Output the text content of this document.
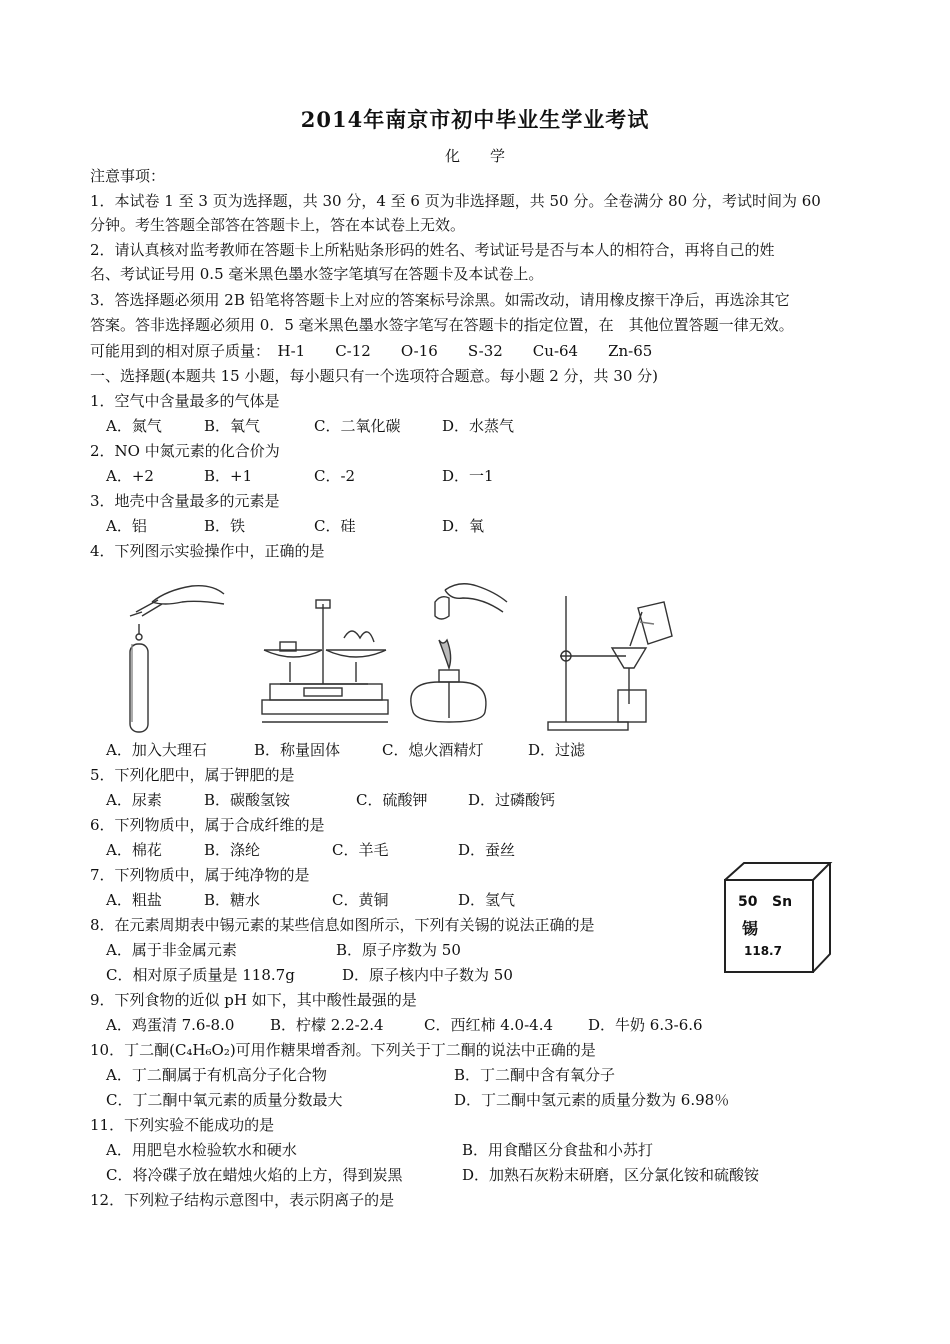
2014年南京市初中毕业生学业考试
化学
注意事项：
1．本试卷 1 至 3 页为选择题，共 30 分，4 至 6 页为非选择题，共 50 分。全卷满分 80 分，考试时间为 60
分钟。考生答题全部答在答题卡上，答在本试卷上无效。
2．请认真核对监考教师在答题卡上所粘贴条形码的姓名、考试证号是否与本人的相符合，再将自己的姓
名、考试证号用 0.5 毫米黑色墨水签字笔填写在答题卡及本试卷上。
3．答选择题必须用 2B 铅笔将答题卡上对应的答案标号涂黑。如需改动，请用橡皮擦干净后，再选涂其它
答案。答非选择题必须用 0．5 毫米黑色墨水签字笔写在答题卡的指定位置，在　其他位置答题一律无效。
可能用到的相对原子质量：　H-1　　C-12　　O-16　　S-32　　Cu-64　　Zn-65
一、选择题(本题共 15 小题，每小题只有一个选项符合题意。每小题 2 分，共 30 分)
1．空气中含量最多的气体是
A．氮气	B．氧气	C．二氧化碳	D．水蒸气
2．NO 中氮元素的化合价为
A．+2	B．+1	C．-2	D．一1
3．地壳中含量最多的元素是
A．铝	B．铁	C．硅	D．氧
4．下列图示实验操作中，正确的是
A．加入大理石	B．称量固体	C．熄火酒精灯	D．过滤
5．下列化肥中，属于钾肥的是
A．尿素	B．碳酸氢铵	C．硫酸钾	D．过磷酸钙
6．下列物质中，属于合成纤维的是
A．棉花	B．涤纶	C．羊毛	D．蚕丝
7．下列物质中，属于纯净物的是
A．粗盐	B．糖水	C．黄铜	D．氢气	50 Sn
锡
118.7
8．在元素周期表中锡元素的某些信息如图所示，下列有关锡的说法正确的是
A．属于非金属元素	B．原子序数为 50
C．相对原子质量是 118.7g	D．原子核内中子数为 50
9．下列食物的近似 pH 如下，其中酸性最强的是
A．鸡蛋清 7.6-8.0 B．柠檬 2.2-2.4	C．西红柿 4.0-4.4 D．牛奶 6.3-6.6
10．丁二酮(C₄H₆O₂)可用作糖果增香剂。下列关于丁二酮的说法中正确的是
A．丁二酮属于有机高分子化合物	B．丁二酮中含有氧分子
C．丁二酮中氧元素的质量分数最大	D．丁二酮中氢元素的质量分数为 6.98％
11．下列实验不能成功的是
A．用肥皂水检验软水和硬水	B．用食醋区分食盐和小苏打
C．将冷碟子放在蜡烛火焰的上方，得到炭黑	D．加熟石灰粉末研磨，区分氯化铵和硫酸铵
12．下列粒子结构示意图中，表示阴离子的是
